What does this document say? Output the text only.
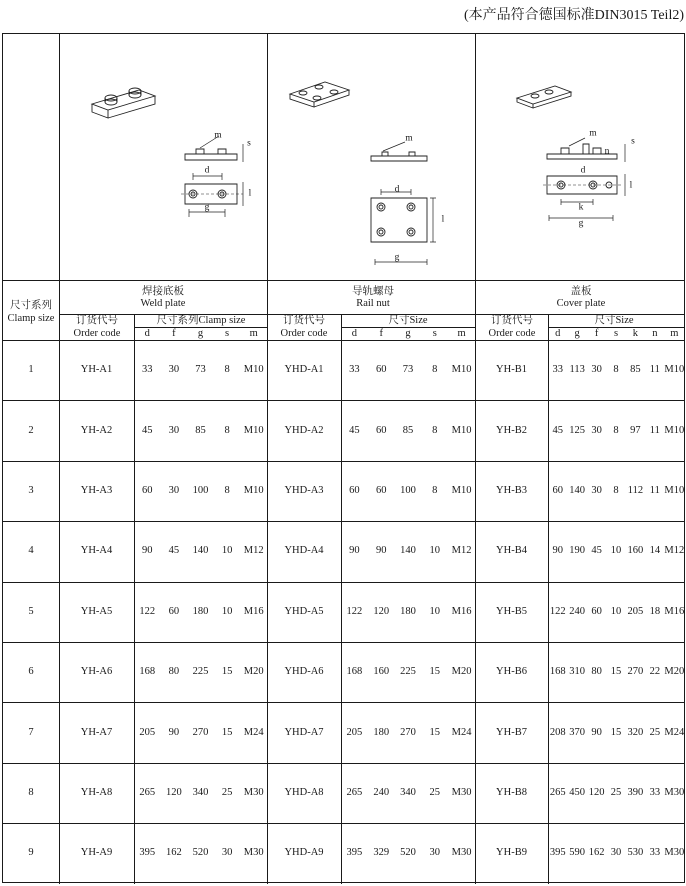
(本产品符合德国标准DIN3015 Teil2)
m
s
d
l
g
m
d
l
g
m
n
s
d
l
k
g
尺寸系列
Clamp size
焊接底板
Weld plate
导轨螺母
Rail nut
盖板
Cover plate
订货代号
Order code
尺寸系列Clamp size	订货代号
Order code
尺寸Size	订货代号
Order code
尺寸Size
d f g s m	d f g s m	d g f s k n m
1	YH-A1	33 30 73 8 M10 YHD-A1 33 60 73 8 M10 YH-B1 33 113 30 8 85 11 M10
2	YH-A2	45 30 85 8 M10 YHD-A2 45 60 85 8 M10 YH-B2 45 125 30 8 97 11 M10
3	YH-A3	60 30 100 8 M10 YHD-A3 60 60 100 8 M10 YH-B3 60 140 30 8 112 11 M10
4	YH-A4	90 45 140 10 M12 YHD-A4 90 90 140 10 M12 YH-B4 90 190 45 10 160 14 M12
5	YH-A5	122 60 180 10 M16 YHD-A5 122 120 180 10 M16 YH-B5 122 240 60 10 205 18 M16
6	YH-A6	168 80 225 15 M20 YHD-A6 168 160 225 15 M20 YH-B6 168 310 80 15 270 22 M20
7	YH-A7	205 90 270 15 M24 YHD-A7 205 180 270 15 M24 YH-B7 208 370 90 15 320 25 M24
8	YH-A8	265 120 340 25 M30 YHD-A8 265 240 340 25 M30 YH-B8 265 450 120 25 390 33 M30
9	YH-A9	395 162 520 30 M30 YHD-A9 395 329 520 30 M30 YH-B9 395 590 162 30 530 33 M30
